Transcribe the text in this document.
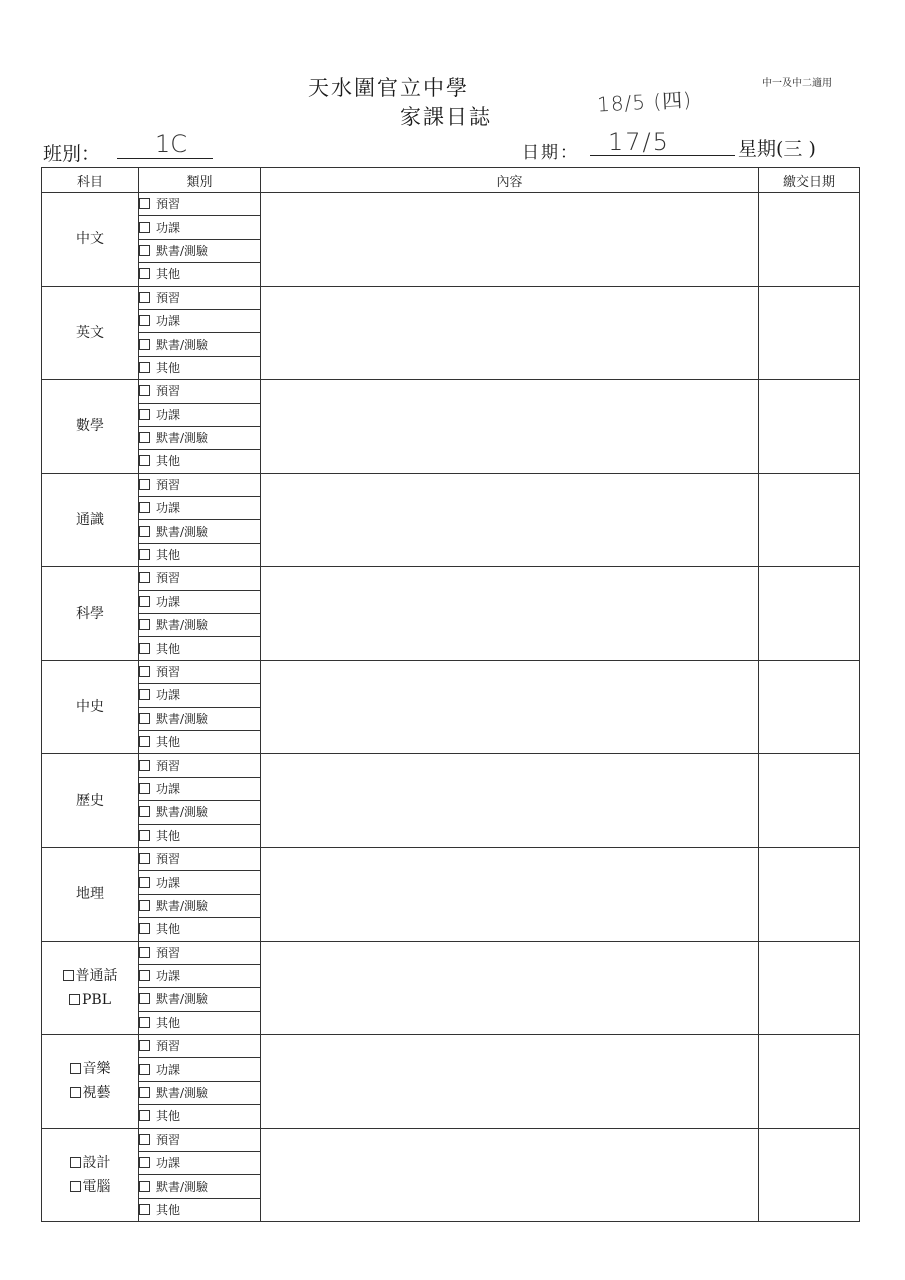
天水圍官立中學
家課日誌
中一及中二適用
18/5 (四)
班別： 1C	日期： 17/5	星期(三 )
科目	類別	內容	繳交日期

中文	預習		
	功課		
	默書/測驗		
	其他		

英文	預習		
	功課		
	默書/測驗		
	其他		

數學	預習		
	功課		
	默書/測驗		
	其他		

通識	預習		
	功課		
	默書/測驗		
	其他		

科學	預習		
	功課		
	默書/測驗		
	其他		

中史	預習		
	功課		
	默書/測驗		
	其他		

歷史	預習		
	功課		
	默書/測驗		
	其他		

地理	預習		
	功課		
	默書/測驗		
	其他		

普通話
PBL	預習		
	功課		
	默書/測驗		
	其他		

音樂
視藝	預習		
	功課		
	默書/測驗		
	其他		

設計
電腦	預習		
	功課		
	默書/測驗		
	其他		
